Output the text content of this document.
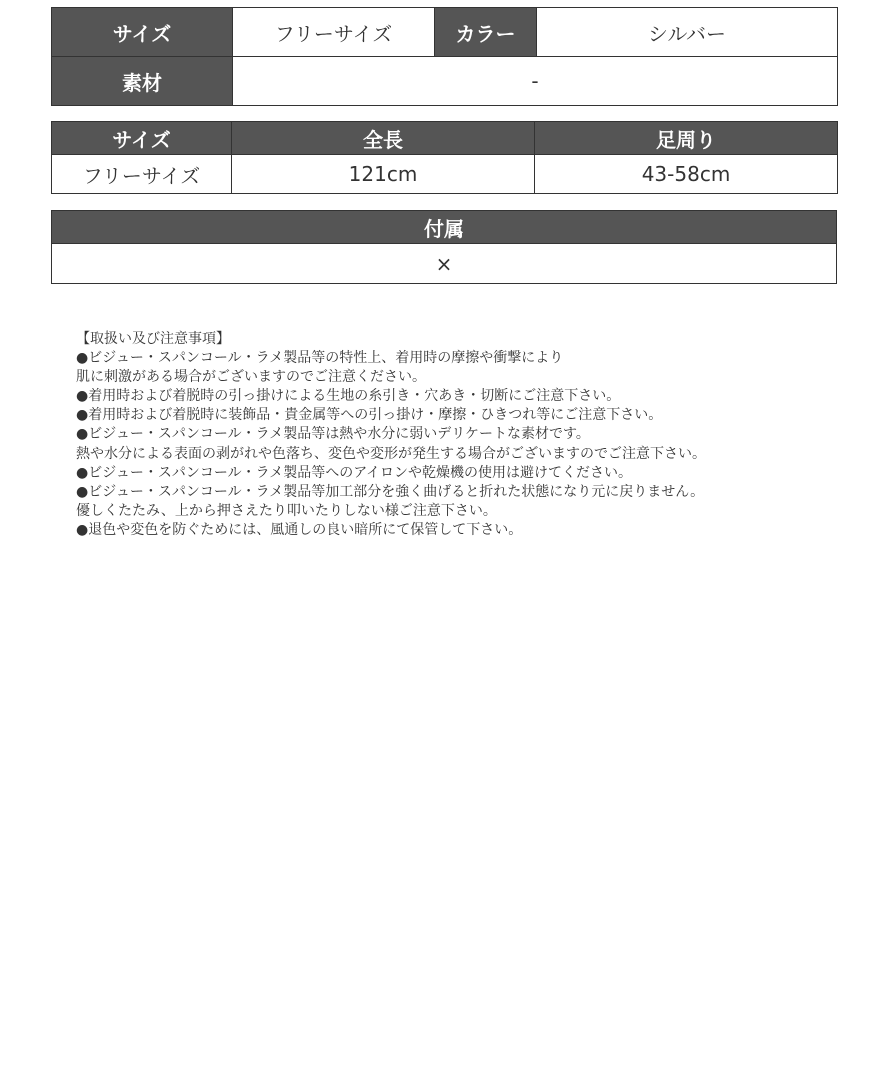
サイズ	フリーサイズ	カラー	シルバー
素材	-		
サイズ	全長	足周り
フリーサイズ	121cm	43-58cm
付属
×
【取扱い及び注意事項】
●ビジュー・スパンコール・ラメ製品等の特性上、着用時の摩擦や衝撃により
肌に刺激がある場合がございますのでご注意ください。
●着用時および着脱時の引っ掛けによる生地の糸引き・穴あき・切断にご注意下さい。
●着用時および着脱時に装飾品・貴金属等への引っ掛け・摩擦・ひきつれ等にご注意下さい。
●ビジュー・スパンコール・ラメ製品等は熱や水分に弱いデリケートな素材です。
熱や水分による表面の剥がれや色落ち、変色や変形が発生する場合がございますのでご注意下さい。
●ビジュー・スパンコール・ラメ製品等へのアイロンや乾燥機の使用は避けてください。
●ビジュー・スパンコール・ラメ製品等加工部分を強く曲げると折れた状態になり元に戻りません。
優しくたたみ、上から押さえたり叩いたりしない様ご注意下さい。
●退色や変色を防ぐためには、風通しの良い暗所にて保管して下さい。
